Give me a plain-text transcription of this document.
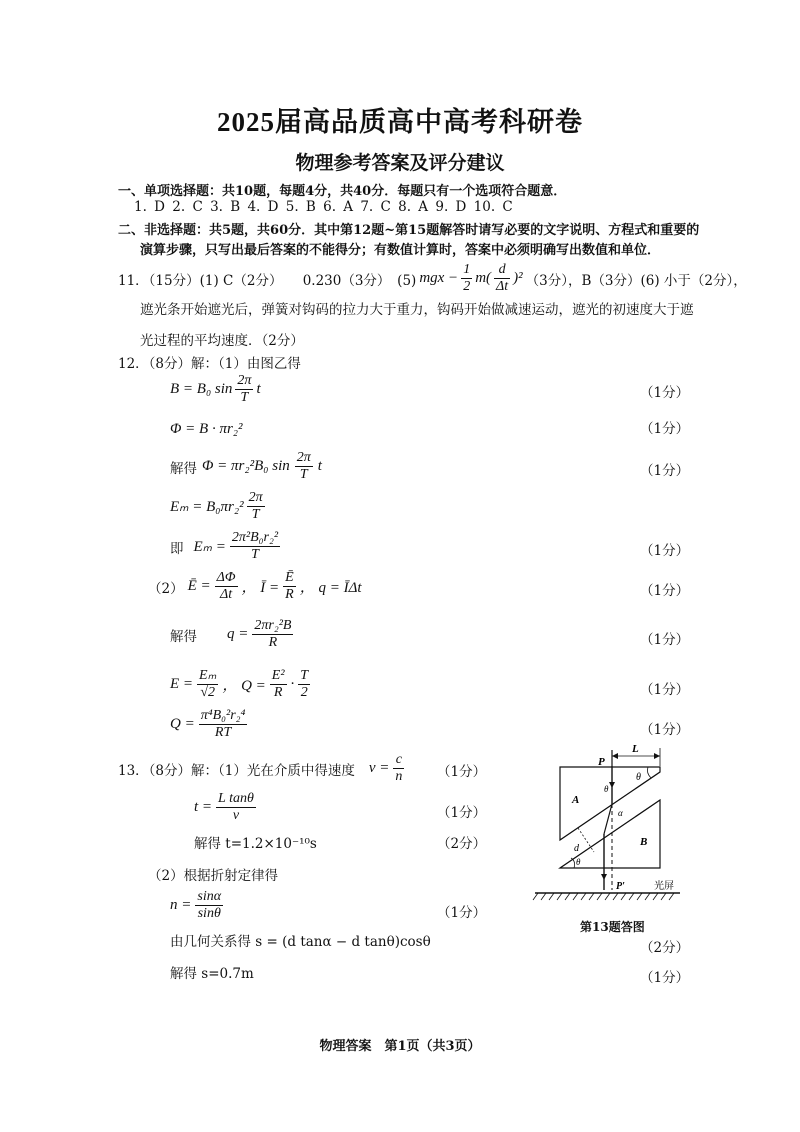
2025届高品质高中高考科研卷
物理参考答案及评分建议
一、单项选择题：共10题，每题4分，共40分．每题只有一个选项符合题意．
1. D 2. C 3. B 4. D 5. B 6. A 7. C 8. A 9. D 10. C
二、非选择题：共5题，共60分．其中第12题~第15题解答时请写必要的文字说明、方程式和重要的
演算步骤，只写出最后答案的不能得分；有数值计算时，答案中必须明确写出数值和单位．
11．（15分）(1) C（2分）　　0.230（3分）　(5) mgx − $\frac{1}{2} m( \frac{d}{\Delta t} )^2$ （3分），B（3分）(6) 小于（2分），
遮光条开始遮光后，弹簧对钩码的拉力大于重力，钩码开始做减速运动，遮光的初速度大于遮
光过程的平均速度．（2分）
12．（8分）解：（1）由图乙得
B = B₀ $\sin \frac{2\pi}{T}$ t	（1分）
Φ = B · πr₂²	（1分）
解得 Φ = πr₂²B₀ $\sin \frac{2\pi}{T}$ t	（1分）
$E_m = B_0\pi r_2^2 \frac{2\pi}{T}$
即 $E_m = \frac{\text{2π²B₀r₂²}}{T}$	（1分）
（2） Ē = $\frac{\Delta\Phi}{\Delta t}$ ， Ī = $\frac{Ē}{R}$ ， q = ĪΔt	（1分）
解得 $q = \frac{\text{2πr₂²B}}{R}$	（1分）
$E = \frac{\text{Eₘ}}{√2}$ ， $Q = \frac{\text{E²}}{R} \cdot \frac{T}{2}$	（1分）
$Q = \frac{\text{π⁴B₀²r₂⁴}}{RT}$	（1分）
13．（8分）解：（1）光在介质中得速度 $v = \frac{c}{n} (1$分）
$t = \frac{\text{L tanθ}}{v}$	（1分）
解得 t=1.2×10⁻¹⁰s	（2分）
（2）根据折射定律得
$n = \frac{\sin\alpha}{\sin\theta}$	（1分）
由几何关系得 s = (d tanα − d tanθ)cosθ	（2分）
解得 s=0.7m	（1分）
P
L
θ
A
B
θ
α
d
θ
P′	光屏
第13题答图
物理答案　第1页（共3页）
